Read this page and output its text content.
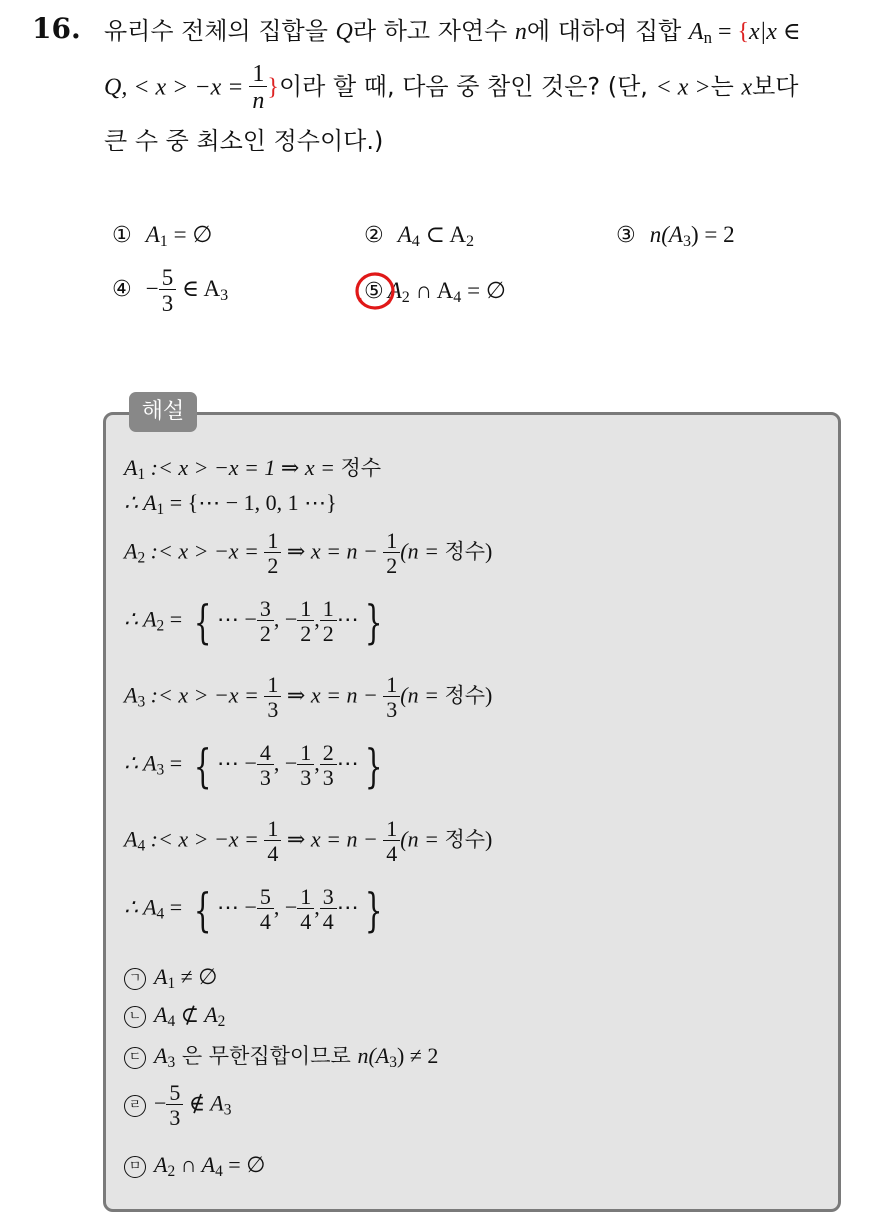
16. 유리수 전체의 집합을 Q라 하고 자연수 n에 대하여 집합 $A_n = \{x|x$ ∈
Q, < $x > -x = \frac{1}{n}$ }이라 할 때, 다음 중 참인 것은? (단, < x >는 x보다
큰 수 중 최소인 정수이다.)
① $A_1$ = ∅	② $A_4$ ⊂ $A_2$	③ $n(A_3) = 2$
④ − $\frac{5}{3}$ ∈ $A_3$	⑤ $A_2$ ∩ $A_4$ = ∅
해설
$A_1$ :< x > −x = 1 ⇒ x = 정수
∴ $A_1$ = {⋯ − 1, 0, 1 ⋯}
$A_2$ :< $x > -x = \frac{1}{2}$ ⇒ $x = n - \frac{1}{2} (n$ = 정수)
∴ $A_2$ = { ⋯ − $\frac{3}{2}$ , − $\frac{1}{2}$ , $\frac{1}{2}$ ⋯ }
$A_3$ :< $x > -x = \frac{1}{3}$ ⇒ $x = n - \frac{1}{3} (n$ = 정수)
∴ $A_3$ = { ⋯ − $\frac{4}{3}$ , − $\frac{1}{3}$ , $\frac{2}{3}$ ⋯ }
$A_4$ :< $x > -x = \frac{1}{4}$ ⇒ $x = n - \frac{1}{4} (n$ = 정수)
∴ $A_4$ = { ⋯ − $\frac{5}{4}$ , − $\frac{1}{4}$ , $\frac{3}{4}$ ⋯ }
ㄱ $A_1$ ≠ ∅
ㄴ $A_4$ ⊄ $A_2$
ㄷ $A_3$ 은 무한집합이므로 $n(A_3) \ne 2$
ㄹ − $\frac{5}{3}$ ∉ $A_3$
ㅁ $A_2$ ∩ $A_4$ = ∅
